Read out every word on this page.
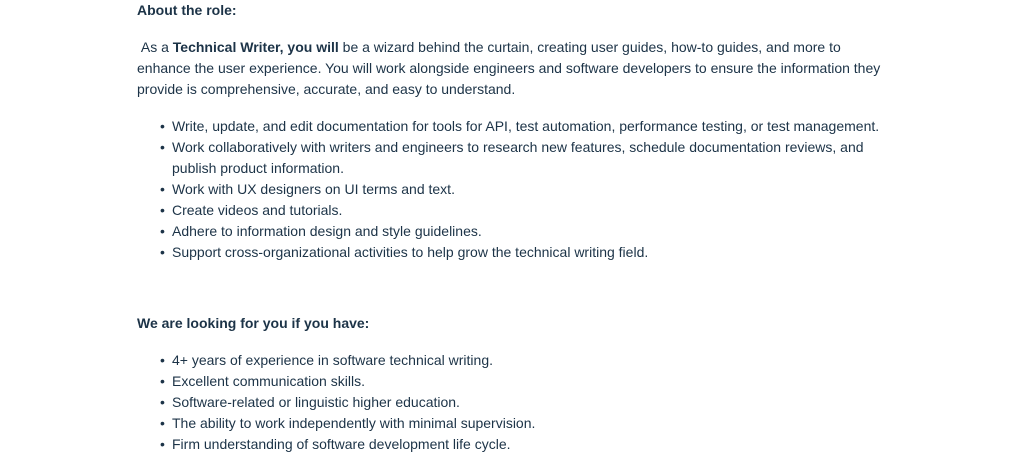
About the role:

As a Technical Writer, you will be a wizard behind the curtain, creating user guides, how-to guides, and more to enhance the user experience. You will work alongside engineers and software developers to ensure the information they provide is comprehensive, accurate, and easy to understand.

• Write, update, and edit documentation for tools for API, test automation, performance testing, or test management.
• Work collaboratively with writers and engineers to research new features, schedule documentation reviews, and publish product information.
• Work with UX designers on UI terms and text.
• Create videos and tutorials.
• Adhere to information design and style guidelines.
• Support cross-organizational activities to help grow the technical writing field.

We are looking for you if you have:

• 4+ years of experience in software technical writing.
• Excellent communication skills.
• Software-related or linguistic higher education.
• The ability to work independently with minimal supervision.
• Firm understanding of software development life cycle.
